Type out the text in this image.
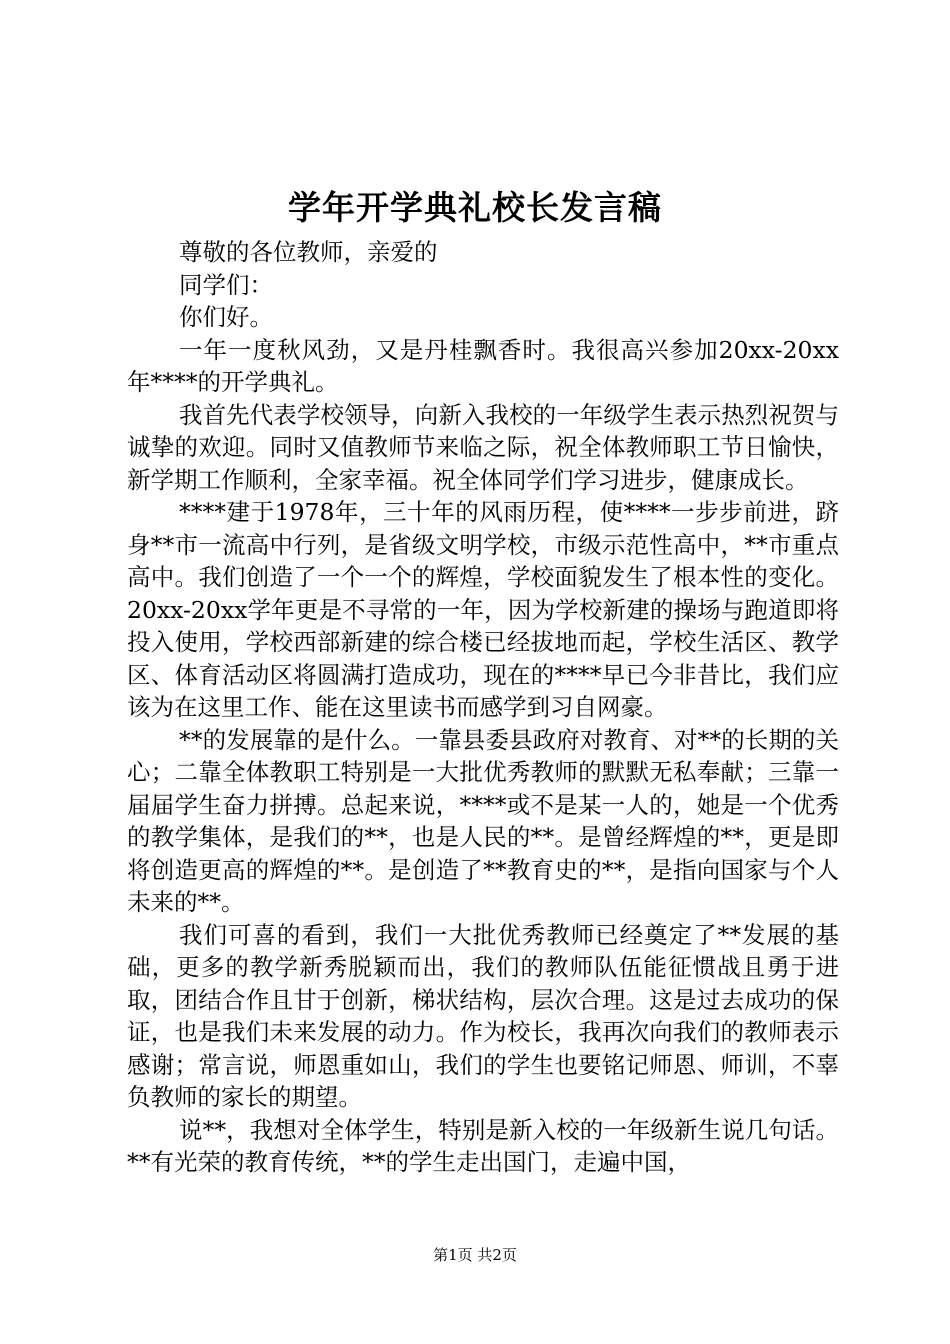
学年开学典礼校长发言稿

尊敬的各位教师，亲爱的

同学们：

你们好。

一年一度秋风劲，又是丹桂飘香时。我很高兴参加20xx-20xx年****的开学典礼。

我首先代表学校领导，向新入我校的一年级学生表示热烈祝贺与诚挚的欢迎。同时又值教师节来临之际，祝全体教师职工节日愉快，新学期工作顺利，全家幸福。祝全体同学们学习进步，健康成长。

****建于1978年，三十年的风雨历程，使****一步步前进，跻身**市一流高中行列，是省级文明学校，市级示范性高中，**市重点高中。我们创造了一个一个的辉煌，学校面貌发生了根本性的变化。20xx-20xx学年更是不寻常的一年，因为学校新建的操场与跑道即将投入使用，学校西部新建的综合楼已经拔地而起，学校生活区、教学区、体育活动区将圆满打造成功，现在的****早已今非昔比，我们应该为在这里工作、能在这里读书而感学到习自网豪。

**的发展靠的是什么。一靠县委县政府对教育、对**的长期的关心；二靠全体教职工特别是一大批优秀教师的默默无私奉献；三靠一届届学生奋力拼搏。总起来说，****或不是某一人的，她是一个优秀的教学集体，是我们的**，也是人民的**。是曾经辉煌的**，更是即将创造更高的辉煌的**。是创造了**教育史的**，是指向国家与个人未来的**。

我们可喜的看到，我们一大批优秀教师已经奠定了**发展的基础，更多的教学新秀脱颖而出，我们的教师队伍能征惯战且勇于进取，团结合作且甘于创新，梯状结构，层次合理。这是过去成功的保证，也是我们未来发展的动力。作为校长，我再次向我们的教师表示感谢；常言说，师恩重如山，我们的学生也要铭记师恩、师训，不辜负教师的家长的期望。

说**，我想对全体学生，特别是新入校的一年级新生说几句话。**有光荣的教育传统，**的学生走出国门，走遍中国，

第1页 共2页
